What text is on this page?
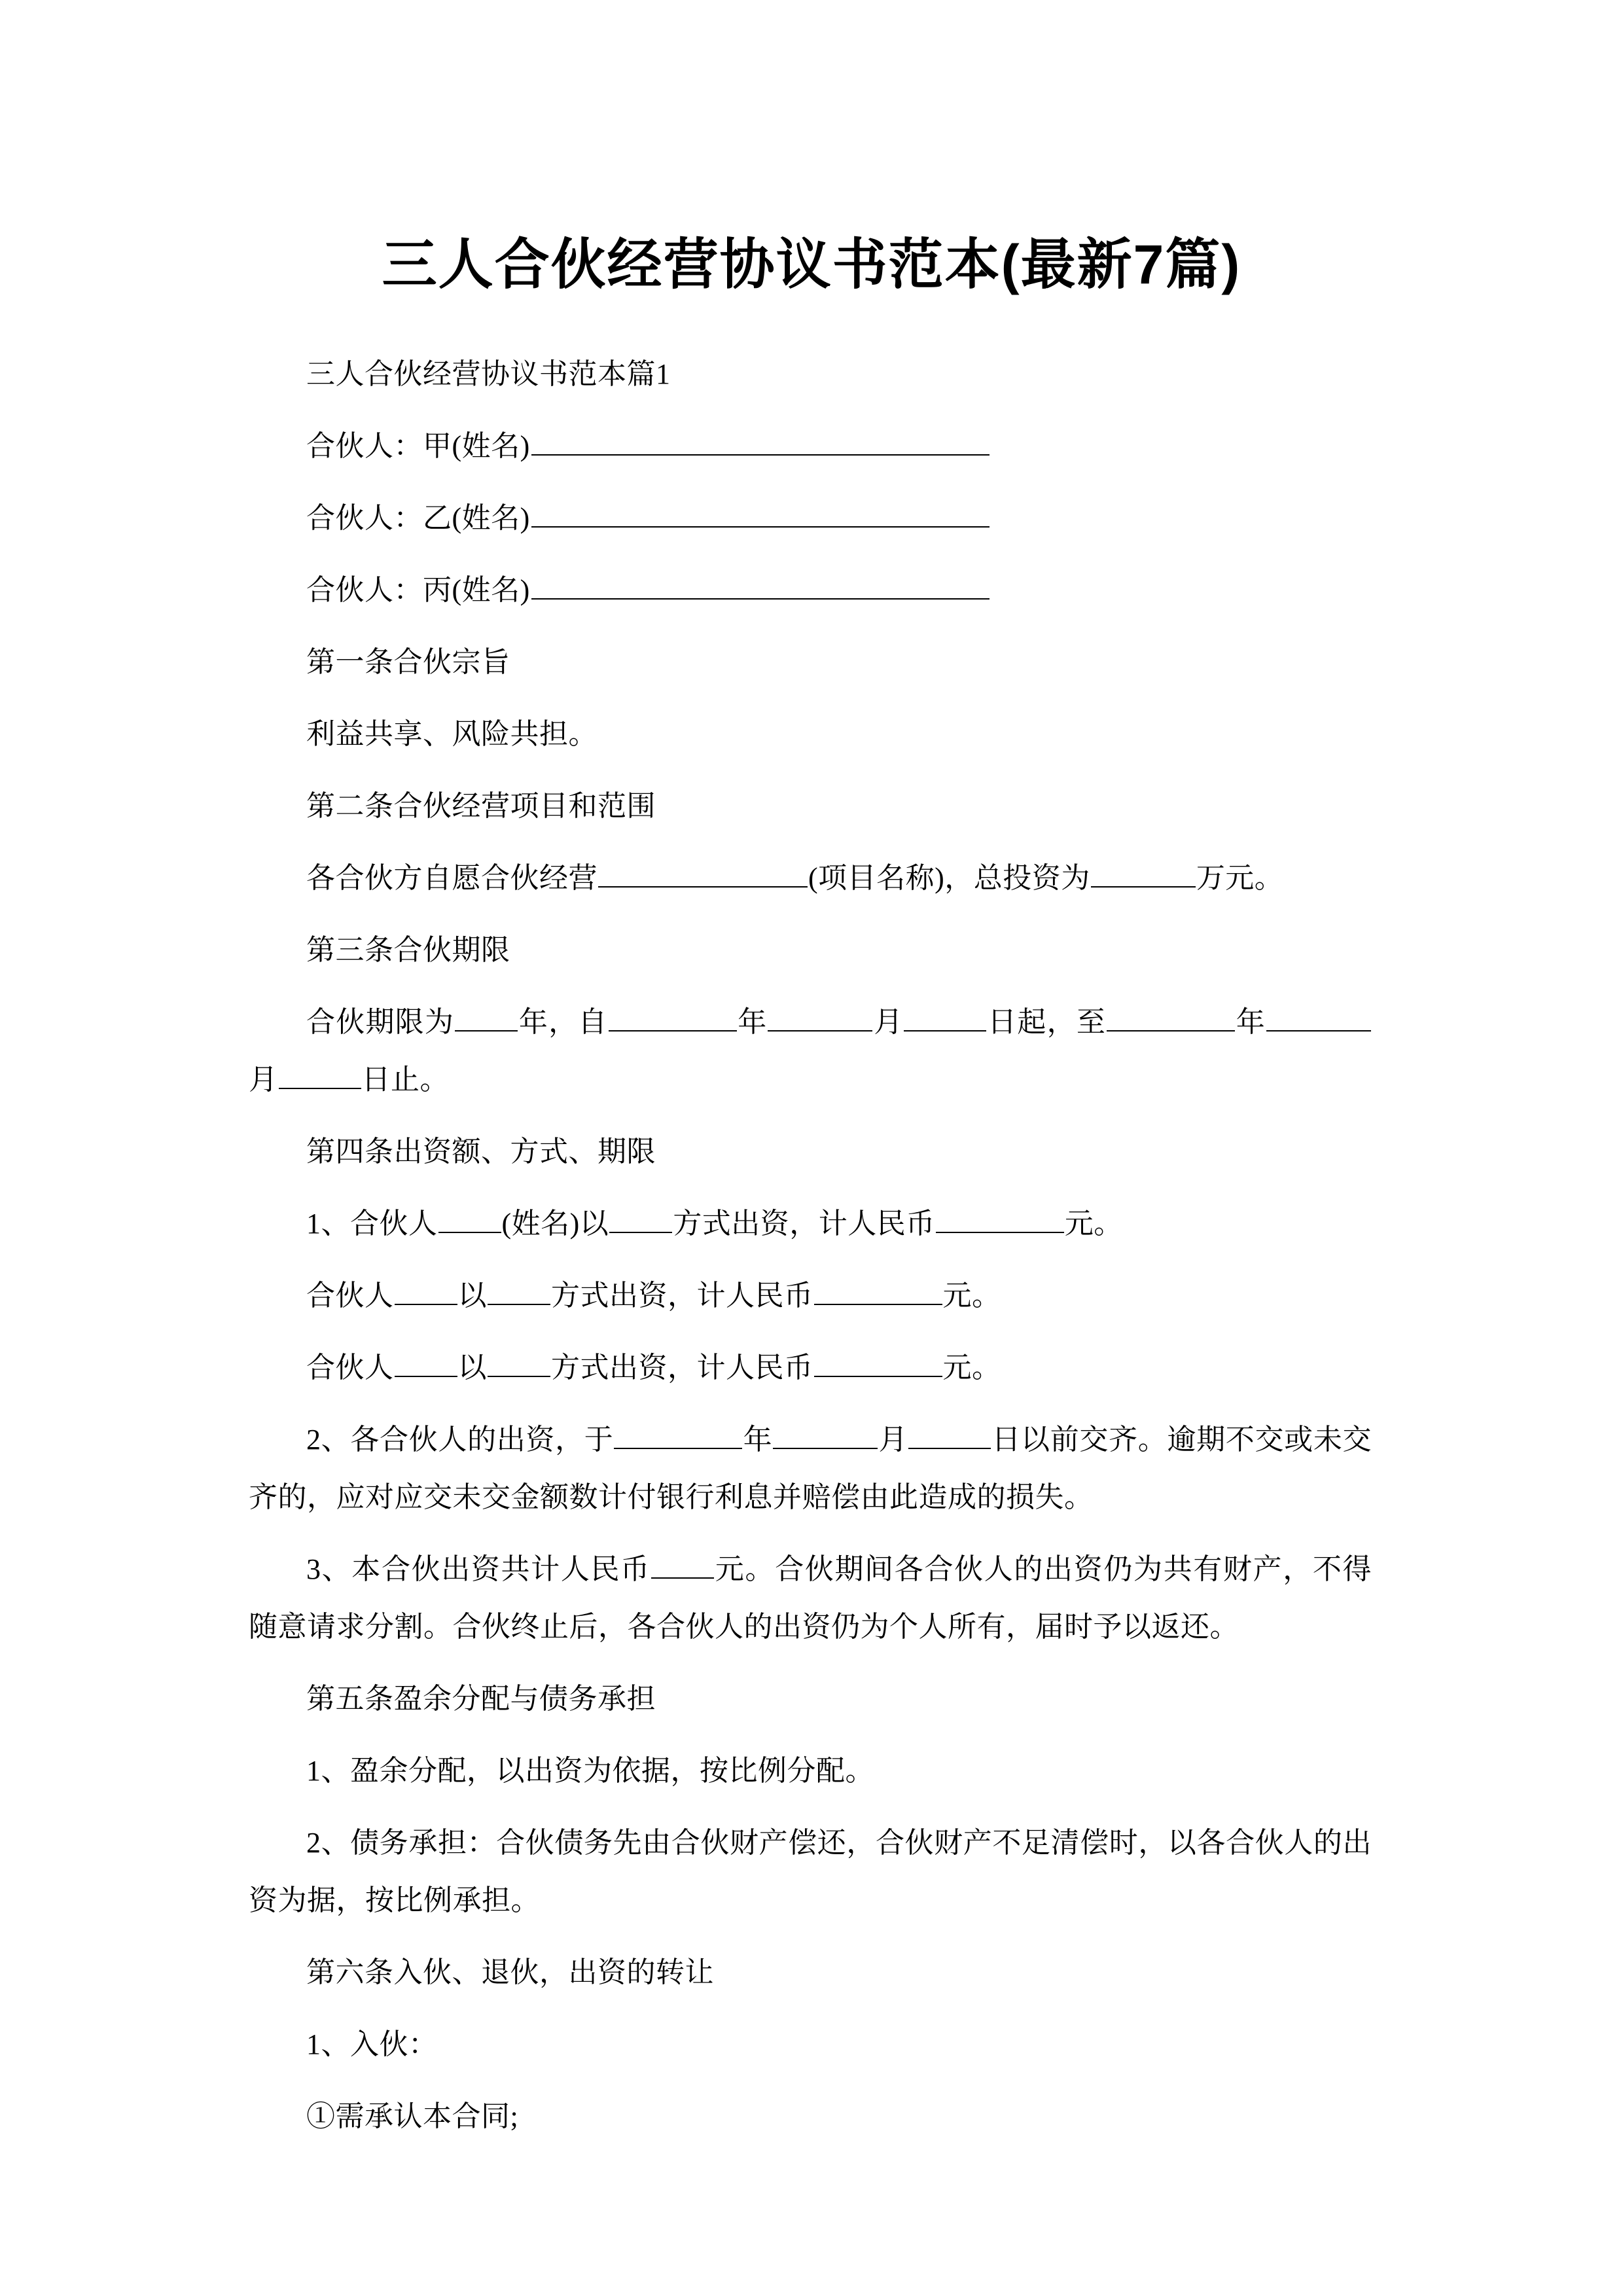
三人合伙经营协议书范本(最新7篇)

三人合伙经营协议书范本篇1

合伙人：甲(姓名)

合伙人：乙(姓名)

合伙人：丙(姓名)

第一条合伙宗旨

利益共享、风险共担。

第二条合伙经营项目和范围

各合伙方自愿合伙经营	(项目名称)，总投资为	万元。

第三条合伙期限

合伙期限为 年，自	年	月	日起，至	年月	日止。

第四条出资额、方式、期限

1、合伙人 (姓名)以 方式出资，计人民币	元。

合伙人 以 方式出资，计人民币	元。

合伙人 以 方式出资，计人民币	元。

2、各合伙人的出资，于	年	月	日以前交齐。逾期不交或未交齐的，应对应交未交金额数计付银行利息并赔偿由此造成的损失。

3、本合伙出资共计人民币 元。合伙期间各合伙人的出资仍为共有财产，不得随意请求分割。合伙终止后，各合伙人的出资仍为个人所有，届时予以返还。

第五条盈余分配与债务承担

1、盈余分配，以出资为依据，按比例分配。

2、债务承担：合伙债务先由合伙财产偿还，合伙财产不足清偿时，以各合伙人的出资为据，按比例承担。

第六条入伙、退伙，出资的转让

1、入伙：

①需承认本合同;
